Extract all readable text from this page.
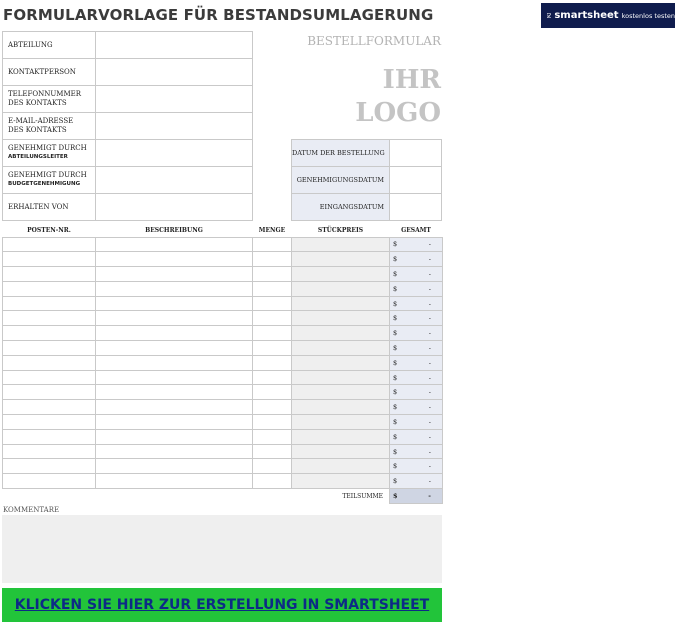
FORMULARVORLAGE FÜR BESTANDSUMLAGERUNG	smartsheet kostenlos testen
ABTEILUNG	
KONTAKTPERSON	
TELEFONNUMMER DES KONTAKTS	
E-MAIL-ADRESSE DES KONTAKTS	
GENEHMIGT DURCH
ABTEILUNGSLEITER	

GENEHMIGT DURCH
BUDGETGENEHMIGUNG	

ERHALTEN VON	
BESTELLFORMULAR
IHR
LOGO
DATUM DER BESTELLUNG	
GENEHMIGUNGSDATUM	
EINGANGSDATUM	
POSTEN-NR.	BESCHREIBUNG	MENGE	STÜCKPREIS	GESAMT

				$ -

				$ -

				$ -

				$ -

				$ -

				$ -

				$ -

				$ -

				$ -

				$ -

				$ -

				$ -

				$ -

				$ -

				$ -

				$ -

				$ -

TEILSUMME				$ -
KOMMENTARE
KLICKEN SIE HIER ZUR ERSTELLUNG IN SMARTSHEET
